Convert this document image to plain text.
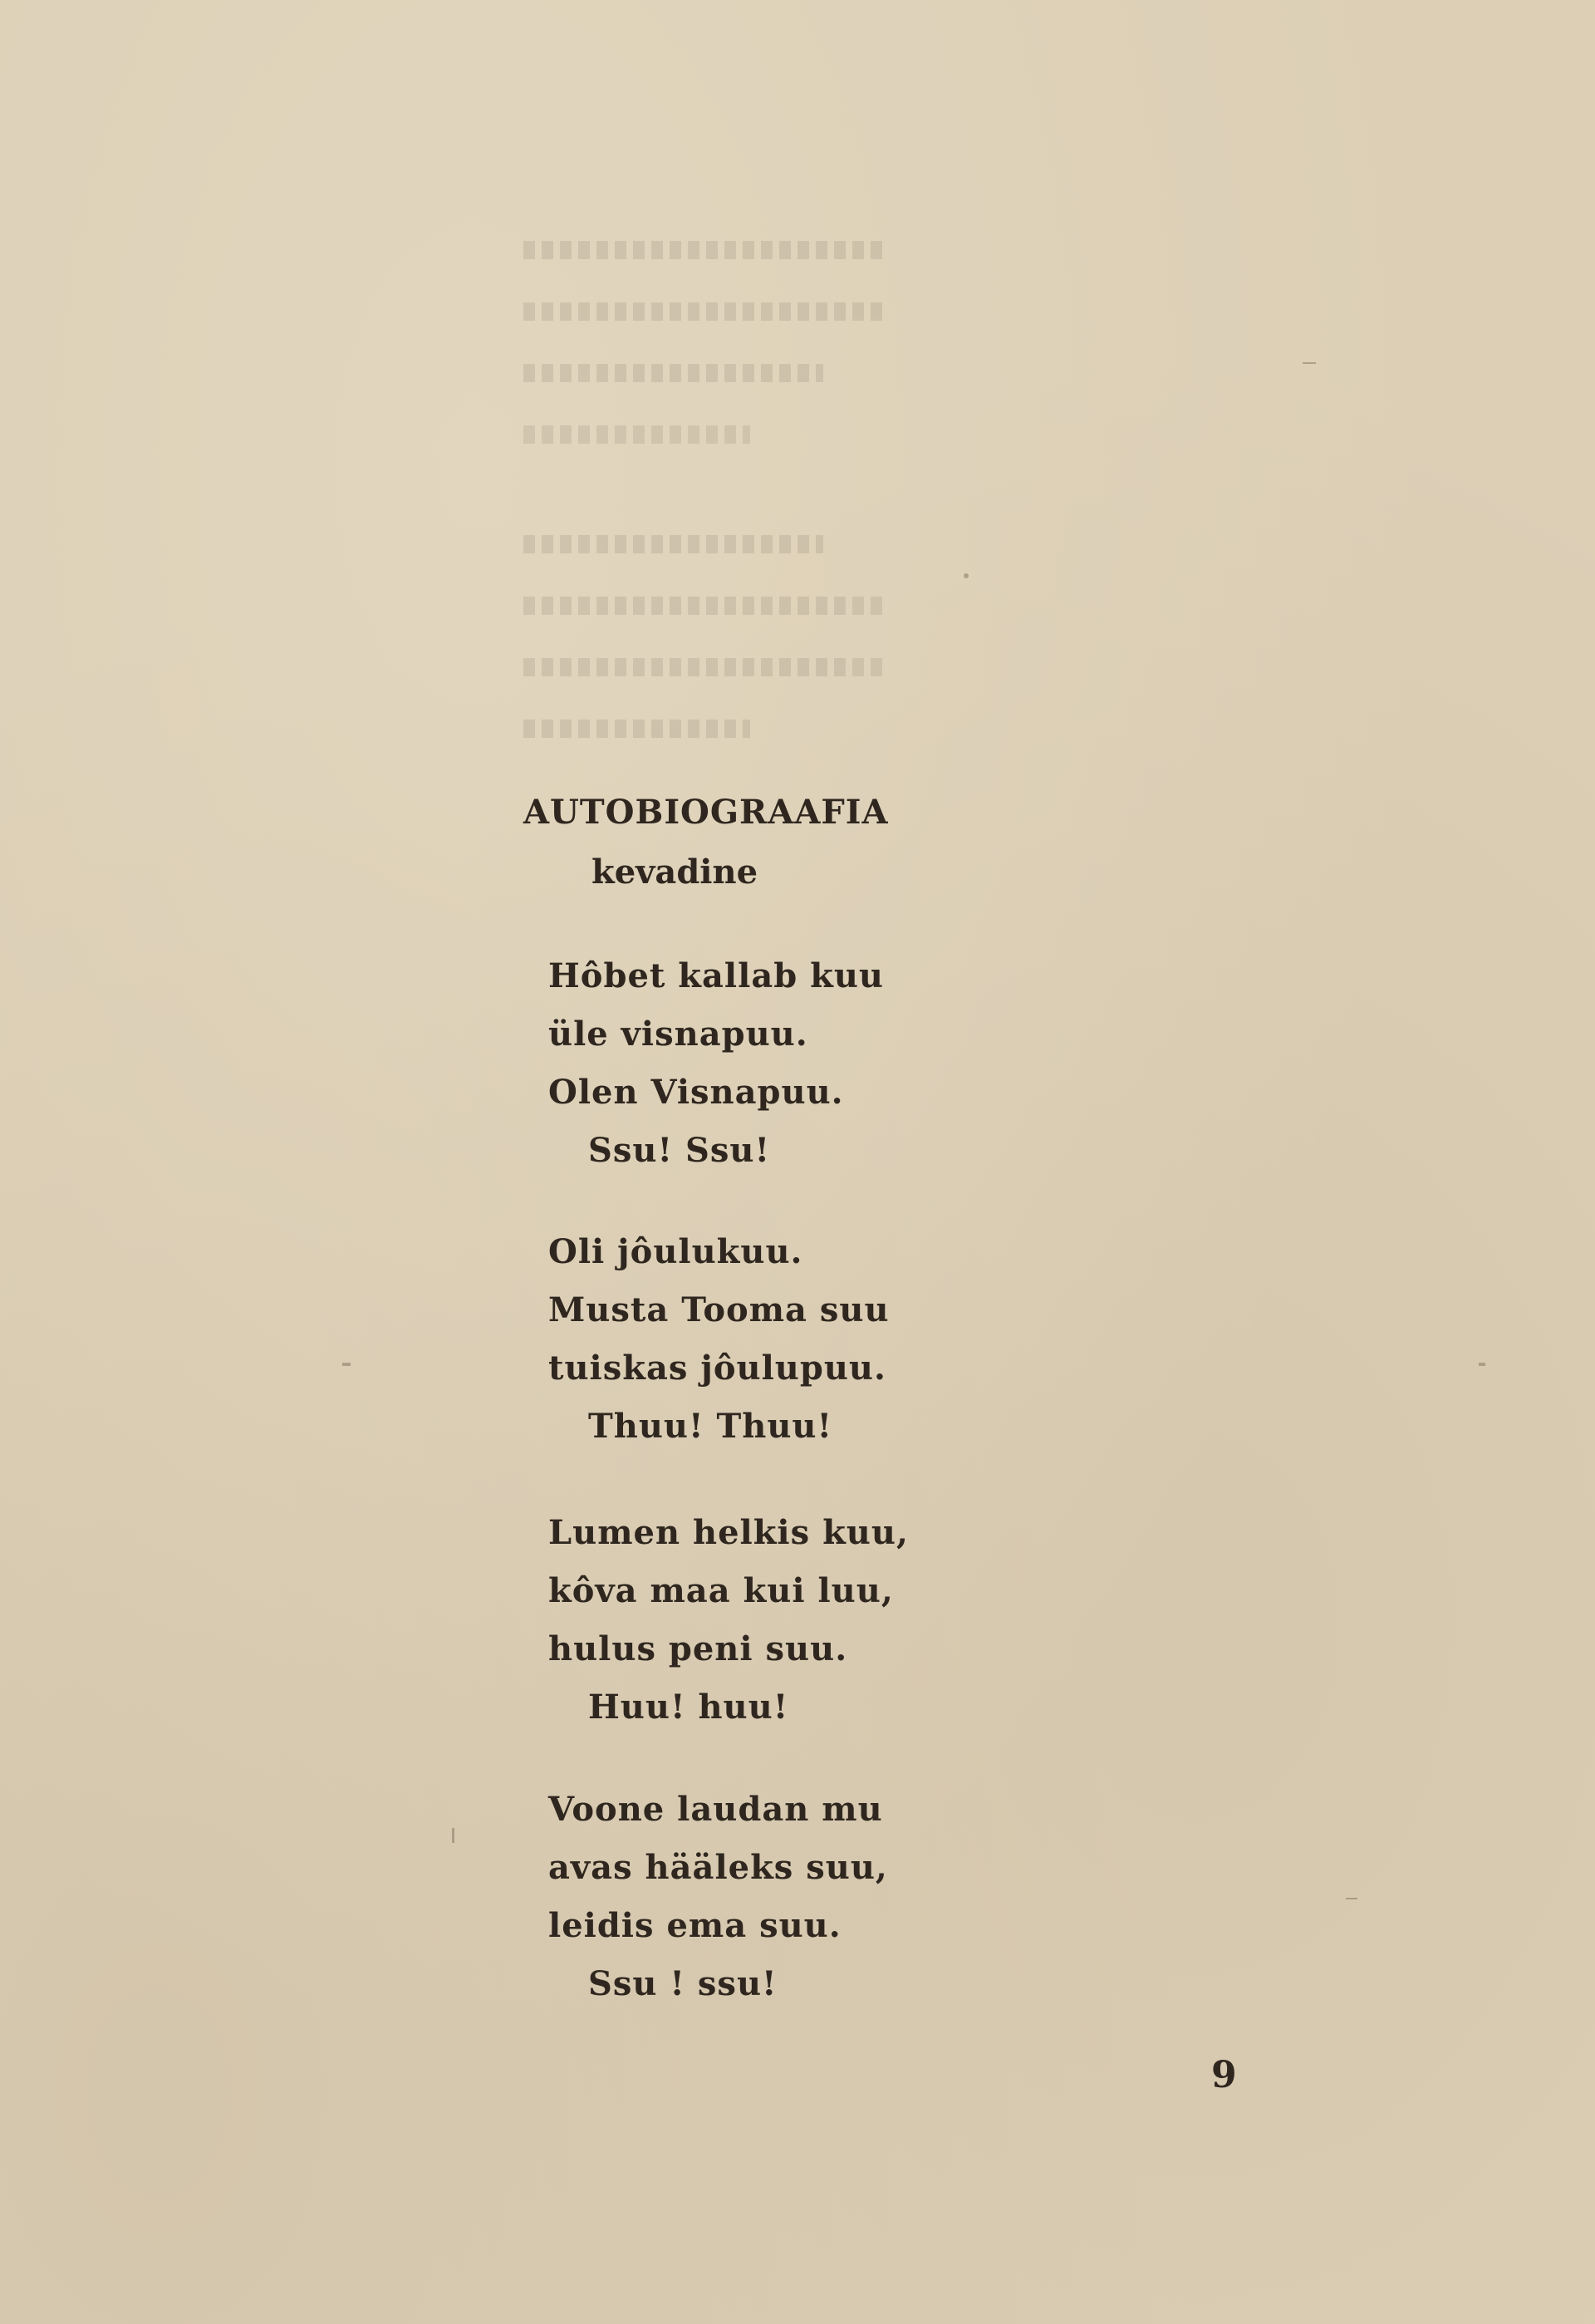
AUTOBIOGRAAFIA
kevadine
Hôbet kallab kuu
üle visnapuu.
Olen Visnapuu.
Ssu! Ssu!
Oli jôulukuu.
Musta Tooma suu
tuiskas jôulupuu.
Thuu! Thuu!
Lumen helkis kuu,
kôva maa kui luu,
hulus peni suu.
Huu! huu!
Voone laudan mu
avas hääleks suu,
leidis ema suu.
Ssu ! ssu!
9
